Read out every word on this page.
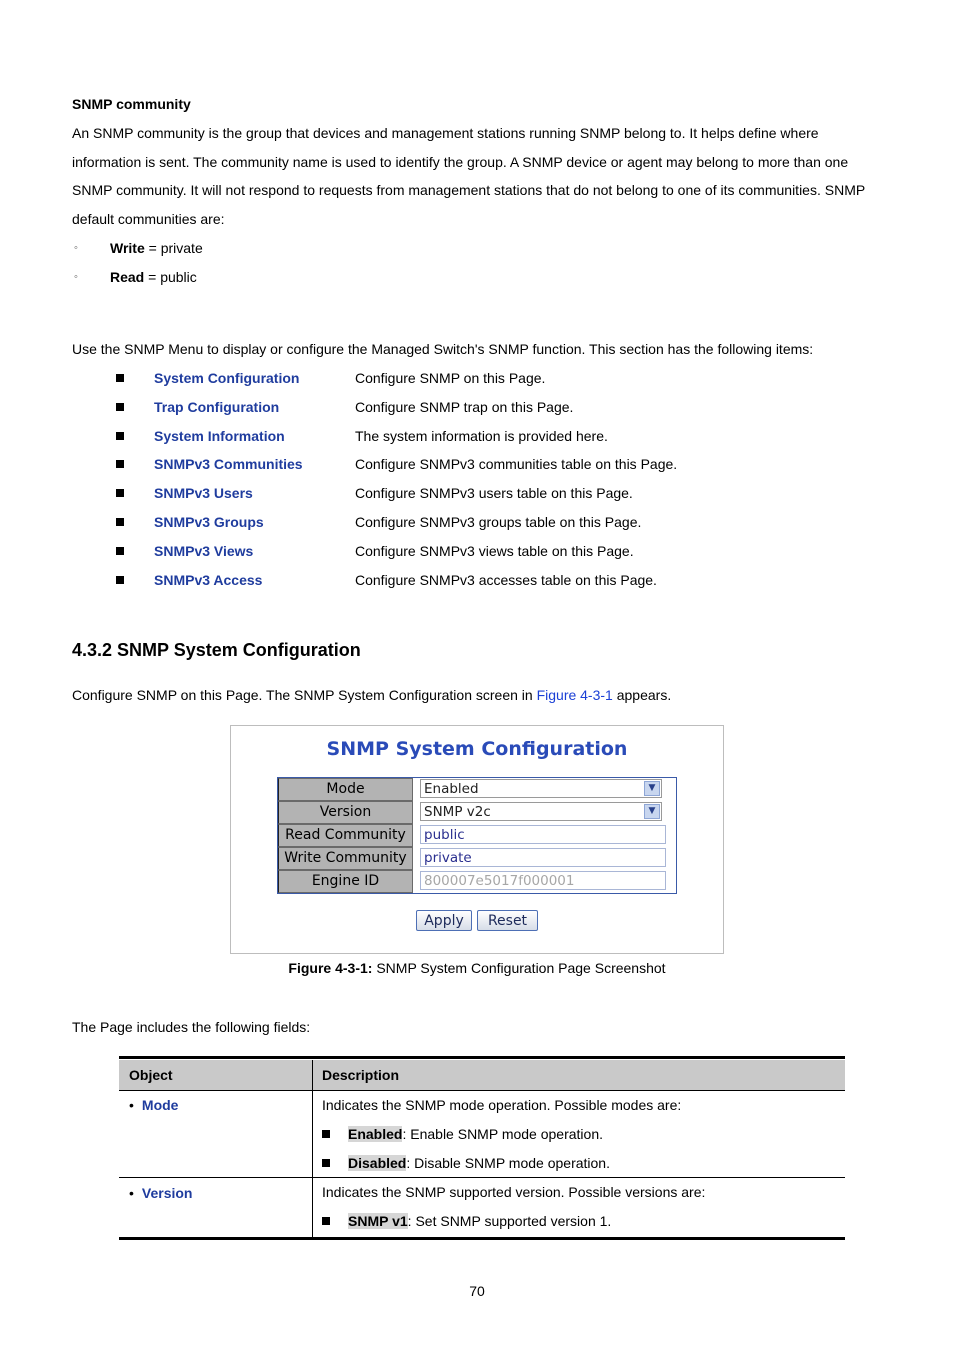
SNMP community
An SNMP community is the group that devices and management stations running SNMP belong to. It helps define where
information is sent. The community name is used to identify the group. A SNMP device or agent may belong to more than one
SNMP community. It will not respond to requests from management stations that do not belong to one of its communities. SNMP
default communities are:
◦ Write = private
◦ Read = public
Use the SNMP Menu to display or configure the Managed Switch's SNMP function. This section has the following items:
System Configuration	Configure SNMP on this Page.
Trap Configuration	Configure SNMP trap on this Page.
System Information	The system information is provided here.
SNMPv3 Communities	Configure SNMPv3 communities table on this Page.
SNMPv3 Users	Configure SNMPv3 users table on this Page.
SNMPv3 Groups	Configure SNMPv3 groups table on this Page.
SNMPv3 Views	Configure SNMPv3 views table on this Page.
SNMPv3 Access	Configure SNMPv3 accesses table on this Page.
4.3.2 SNMP System Configuration
Configure SNMP on this Page. The SNMP System Configuration screen in Figure 4-3-1 appears.
SNMP System Configuration
Mode	Enabled	▼
Version	SNMP v2c	▼
Read Community	public
Write Community	private
Engine ID	800007e5017f000001
Apply	Reset
Figure 4-3-1: SNMP System Configuration Page Screenshot
The Page includes the following fields:
Object	Description
• Mode	Indicates the SNMP mode operation. Possible modes are:
Enabled: Enable SNMP mode operation.
Disabled: Disable SNMP mode operation.
• Version	Indicates the SNMP supported version. Possible versions are:
SNMP v1: Set SNMP supported version 1.
70
